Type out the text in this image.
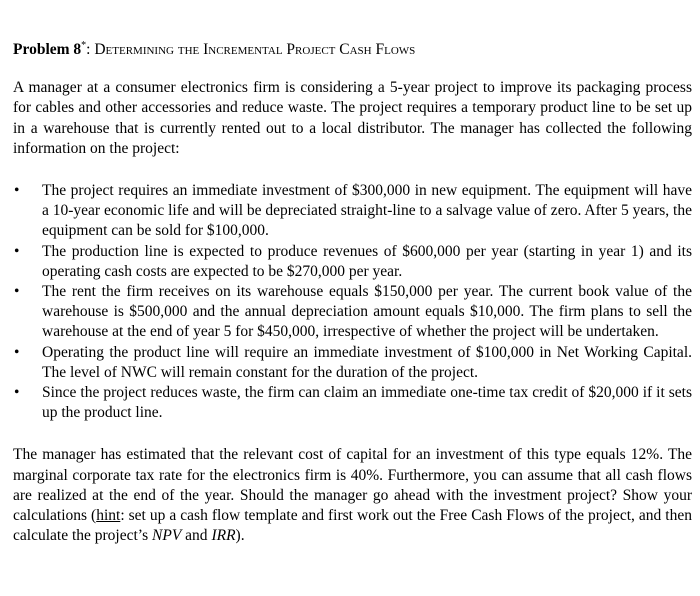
Problem 8*: Determining the Incremental Project Cash Flows

A manager at a consumer electronics firm is considering a 5-year project to improve its packaging process for cables and other accessories and reduce waste. The project requires a temporary product line to be set up in a warehouse that is currently rented out to a local distributor. The manager has collected the following information on the project:

• The project requires an immediate investment of $300,000 in new equipment. The equipment will have a 10-year economic life and will be depreciated straight-line to a salvage value of zero. After 5 years, the equipment can be sold for $100,000.
• The production line is expected to produce revenues of $600,000 per year (starting in year 1) and its operating cash costs are expected to be $270,000 per year.
• The rent the firm receives on its warehouse equals $150,000 per year. The current book value of the warehouse is $500,000 and the annual depreciation amount equals $10,000. The firm plans to sell the warehouse at the end of year 5 for $450,000, irrespective of whether the project will be undertaken.
• Operating the product line will require an immediate investment of $100,000 in Net Working Capital. The level of NWC will remain constant for the duration of the project.
• Since the project reduces waste, the firm can claim an immediate one-time tax credit of $20,000 if it sets up the product line.

The manager has estimated that the relevant cost of capital for an investment of this type equals 12%. The marginal corporate tax rate for the electronics firm is 40%. Furthermore, you can assume that all cash flows are realized at the end of the year. Should the manager go ahead with the investment project? Show your calculations (hint: set up a cash flow template and first work out the Free Cash Flows of the project, and then calculate the project’s NPV and IRR).
